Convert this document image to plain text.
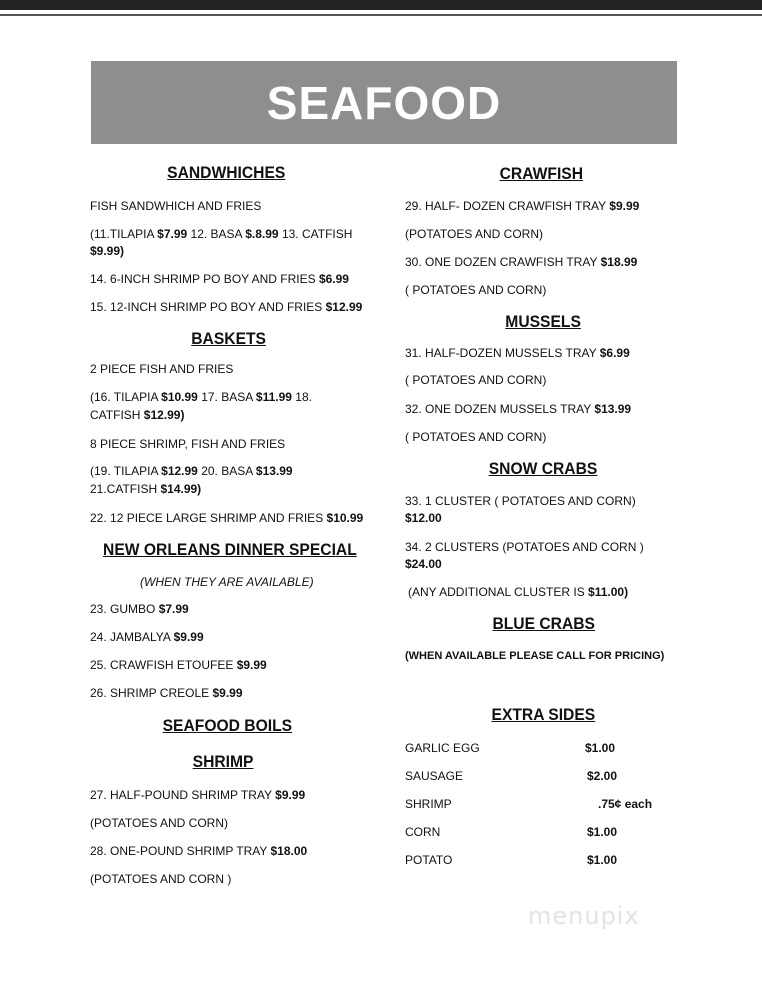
SEAFOOD
SANDWHICHES
FISH SANDWHICH AND FRIES
(11.TILAPIA $7.99 12. BASA $.8.99 13. CATFISH
$9.99)
14. 6-INCH SHRIMP PO BOY AND FRIES $6.99
15. 12-INCH SHRIMP PO BOY AND FRIES $12.99
BASKETS
2 PIECE FISH AND FRIES
(16. TILAPIA $10.99 17. BASA $11.99 18.
CATFISH $12.99)
8 PIECE SHRIMP, FISH AND FRIES
(19. TILAPIA $12.99 20. BASA $13.99
21.CATFISH $14.99)
22. 12 PIECE LARGE SHRIMP AND FRIES $10.99
NEW ORLEANS DINNER SPECIAL
(WHEN THEY ARE AVAILABLE)
23. GUMBO $7.99
24. JAMBALYA $9.99
25. CRAWFISH ETOUFEE $9.99
26. SHRIMP CREOLE $9.99
SEAFOOD BOILS
SHRIMP
27. HALF-POUND SHRIMP TRAY $9.99
(POTATOES AND CORN)
28. ONE-POUND SHRIMP TRAY $18.00
(POTATOES AND CORN )
CRAWFISH
29. HALF- DOZEN CRAWFISH TRAY $9.99
(POTATOES AND CORN)
30. ONE DOZEN CRAWFISH TRAY $18.99
( POTATOES AND CORN)
MUSSELS
31. HALF-DOZEN MUSSELS TRAY $6.99
( POTATOES AND CORN)
32. ONE DOZEN MUSSELS TRAY $13.99
( POTATOES AND CORN)
SNOW CRABS
33. 1 CLUSTER ( POTATOES AND CORN)
$12.00
34. 2 CLUSTERS (POTATOES AND CORN )
$24.00
(ANY ADDITIONAL CLUSTER IS $11.00)
BLUE CRABS
(WHEN AVAILABLE PLEASE CALL FOR PRICING)
EXTRA SIDES
GARLIC EGG	$1.00
SAUSAGE	$2.00
SHRIMP	.75¢ each
CORN	$1.00
POTATO	$1.00
menupix
